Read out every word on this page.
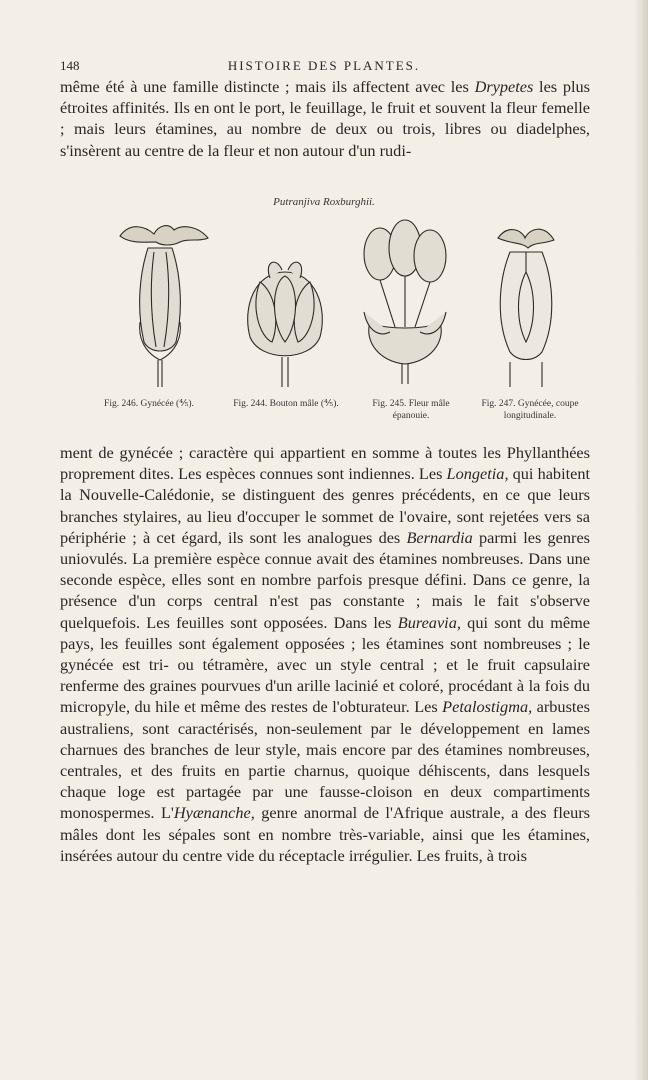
148	HISTOIRE DES PLANTES.

même été à une famille distincte ; mais ils affectent avec les Drypetes les plus étroites affinités. Ils en ont le port, le feuillage, le fruit et souvent la fleur femelle ; mais leurs étamines, au nombre de deux ou trois, libres ou diadelphes, s'insèrent au centre de la fleur et non autour d'un rudi-

Putranjiva Roxburghii.
Fig. 246. Gynécée (⅘).	Fig. 244. Bouton mâle (⅘).	Fig. 245. Fleur mâle épanouie.
Fig. 247. Gynécée, coupe longitudinale.

ment de gynécée ; caractère qui appartient en somme à toutes les Phyllanthées proprement dites. Les espèces connues sont indiennes. Les Longetia, qui habitent la Nouvelle-Calédonie, se distinguent des genres précédents, en ce que leurs branches stylaires, au lieu d'occuper le sommet de l'ovaire, sont rejetées vers sa périphérie ; à cet égard, ils sont les analogues des Bernardia parmi les genres uniovulés. La première espèce connue avait des étamines nombreuses. Dans une seconde espèce, elles sont en nombre parfois presque défini. Dans ce genre, la présence d'un corps central n'est pas constante ; mais le fait s'observe quelquefois. Les feuilles sont opposées. Dans les Bureavia, qui sont du même pays, les feuilles sont également opposées ; les étamines sont nombreuses ; le gynécée est tri- ou tétramère, avec un style central ; et le fruit capsulaire renferme des graines pourvues d'un arille lacinié et coloré, procédant à la fois du micropyle, du hile et même des restes de l'obturateur. Les Petalostigma, arbustes australiens, sont caractérisés, non-seulement par le développement en lames charnues des branches de leur style, mais encore par des étamines nombreuses, centrales, et des fruits en partie charnus, quoique déhiscents, dans lesquels chaque loge est partagée par une fausse-cloison en deux compartiments monospermes. L'Hyænanche, genre anormal de l'Afrique australe, a des fleurs mâles dont les sépales sont en nombre très-variable, ainsi que les étamines, insérées autour du centre vide du réceptacle irrégulier. Les fruits, à trois
